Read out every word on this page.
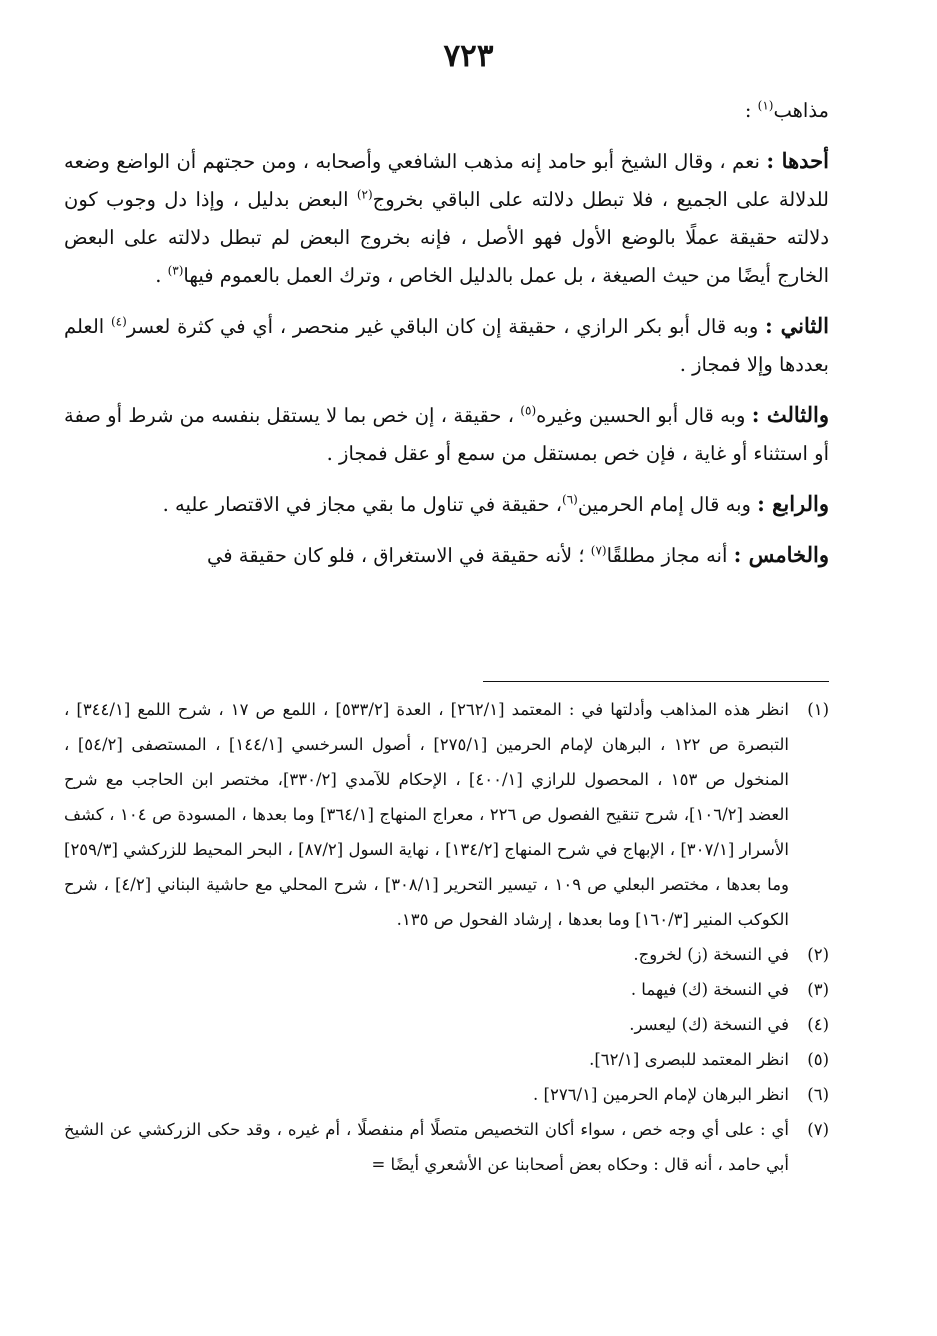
٧٢٣

مذاهب$^{(١)}$ :

أحدها : نعم ، وقال الشيخ أبو حامد إنه مذهب الشافعي وأصحابه ، ومن حجتهم أن الواضع وضعه للدلالة على الجميع ، فلا تبطل دلالته على الباقي بخروج$^{(٢)}$ البعض بدليل ، وإذا دل وجوب كون دلالته حقيقة عملًا بالوضع الأول فهو الأصل ، فإنه بخروج البعض لم تبطل دلالته على البعض الخارج أيضًا من حيث الصيغة ، بل عمل بالدليل الخاص ، وترك العمل بالعموم فيها$^{(٣)}$ .

الثاني : وبه قال أبو بكر الرازي ، حقيقة إن كان الباقي غير منحصر ، أي في كثرة لعسر$^{(٤)}$ العلم بعددها وإلا فمجاز .

والثالث : وبه قال أبو الحسين وغيره$^{(٥)}$ ، حقيقة ، إن خص بما لا يستقل بنفسه من شرط أو صفة أو استثناء أو غاية ، فإن خص بمستقل من سمع أو عقل فمجاز .

والرابع : وبه قال إمام الحرمين$^{(٦)}$، حقيقة في تناول ما بقي مجاز في الاقتصار عليه .

والخامس : أنه مجاز مطلقًا$^{(٧)}$ ؛ لأنه حقيقة في الاستغراق ، فلو كان حقيقة في

(١)
انظر هذه المذاهب وأدلتها في : المعتمد [٢٦٢/١] ، العدة [٥٣٣/٢] ، اللمع ص ١٧ ، شرح اللمع [٣٤٤/١] ، التبصرة ص ١٢٢ ، البرهان لإمام الحرمين [٢٧٥/١] ، أصول السرخسي [١٤٤/١] ، المستصفى [٥٤/٢] ، المنخول ص ١٥٣ ، المحصول للرازي [٤٠٠/١] ، الإحكام للآمدي [٣٣٠/٢]، مختصر ابن الحاجب مع شرح العضد [١٠٦/٢]، شرح تنقيح الفصول ص ٢٢٦ ، معراج المنهاج [٣٦٤/١] وما بعدها ، المسودة ص ١٠٤ ، كشف الأسرار [٣٠٧/١] ، الإبهاج في شرح المنهاج [١٣٤/٢] ، نهاية السول [٨٧/٢] ، البحر المحيط للزركشي [٢٥٩/٣] وما بعدها ، مختصر البعلي ص ١٠٩ ، تيسير التحرير [٣٠٨/١] ، شرح المحلي مع حاشية البناني [٤/٢] ، شرح الكوكب المنير [١٦٠/٣] وما بعدها ، إرشاد الفحول ص ١٣٥.

(٢)
في النسخة (ز) لخروج.

(٣)
في النسخة (ك) فيهما .

(٤)
في النسخة (ك) ليعسر.

(٥)
انظر المعتمد للبصرى [٦٢/١].

(٦)
انظر البرهان لإمام الحرمين [٢٧٦/١] .

(٧)
أي : على أي وجه خص ، سواء أكان التخصيص متصلًا أم منفصلًا ، أم غيره ، وقد حكى الزركشي عن الشيخ أبي حامد ، أنه قال : وحكاه بعض أصحابنا عن الأشعري أيضًا =
